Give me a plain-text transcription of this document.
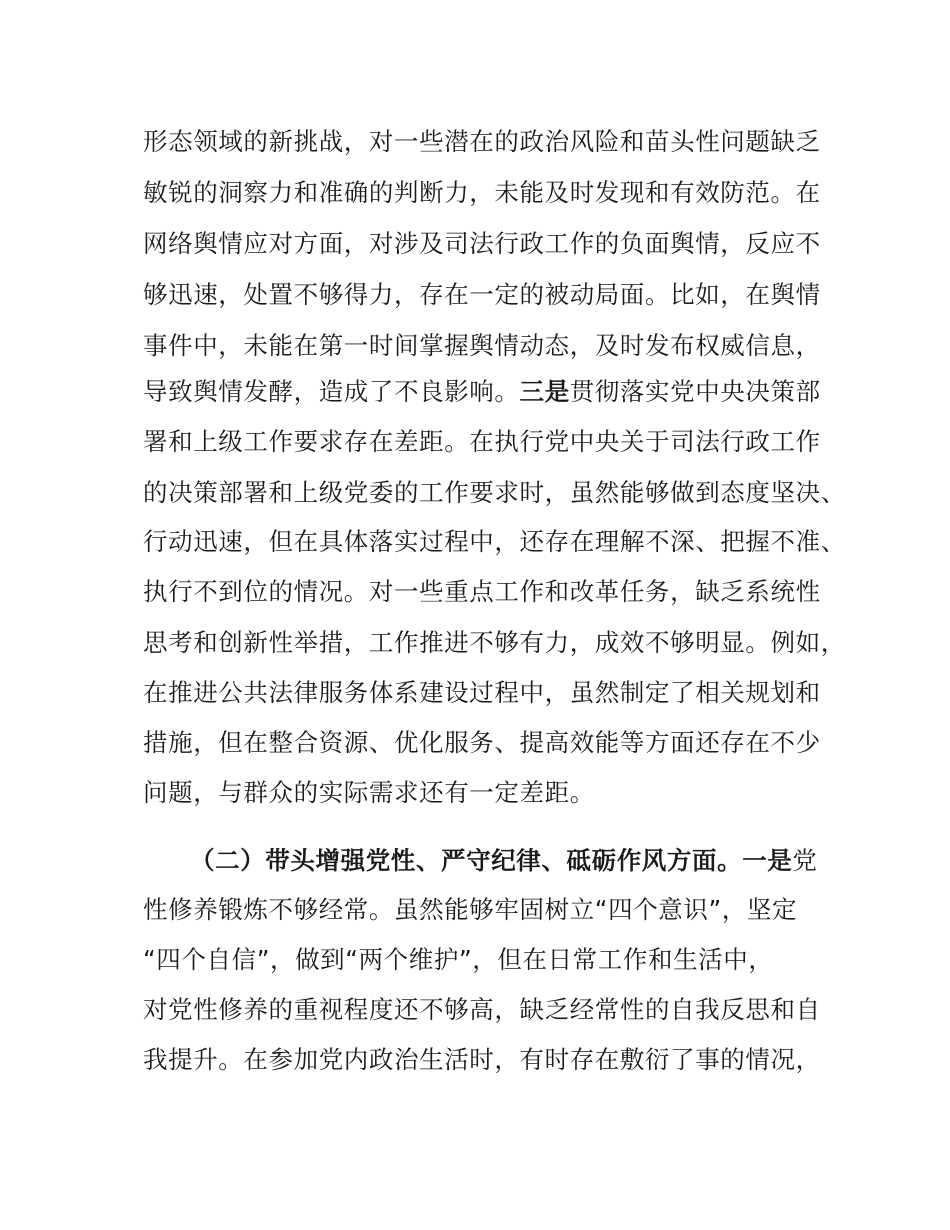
形态领域的新挑战，对一些潜在的政治风险和苗头性问题缺乏
敏锐的洞察力和准确的判断力，未能及时发现和有效防范。在
网络舆情应对方面，对涉及司法行政工作的负面舆情，反应不
够迅速，处置不够得力，存在一定的被动局面。比如，在舆情
事件中，未能在第一时间掌握舆情动态，及时发布权威信息，
导致舆情发酵，造成了不良影响。三是贯彻落实党中央决策部
署和上级工作要求存在差距。在执行党中央关于司法行政工作
的决策部署和上级党委的工作要求时，虽然能够做到态度坚决、
行动迅速，但在具体落实过程中，还存在理解不深、把握不准、
执行不到位的情况。对一些重点工作和改革任务，缺乏系统性
思考和创新性举措，工作推进不够有力，成效不够明显。例如，
在推进公共法律服务体系建设过程中，虽然制定了相关规划和
措施，但在整合资源、优化服务、提高效能等方面还存在不少
问题，与群众的实际需求还有一定差距。
（二）带头增强党性、严守纪律、砥砺作风方面。一是党
性修养锻炼不够经常。虽然能够牢固树立“四个意识”，坚定
“四个自信”，做到“两个维护”，但在日常工作和生活中，
对党性修养的重视程度还不够高，缺乏经常性的自我反思和自
我提升。在参加党内政治生活时，有时存在敷衍了事的情况，
